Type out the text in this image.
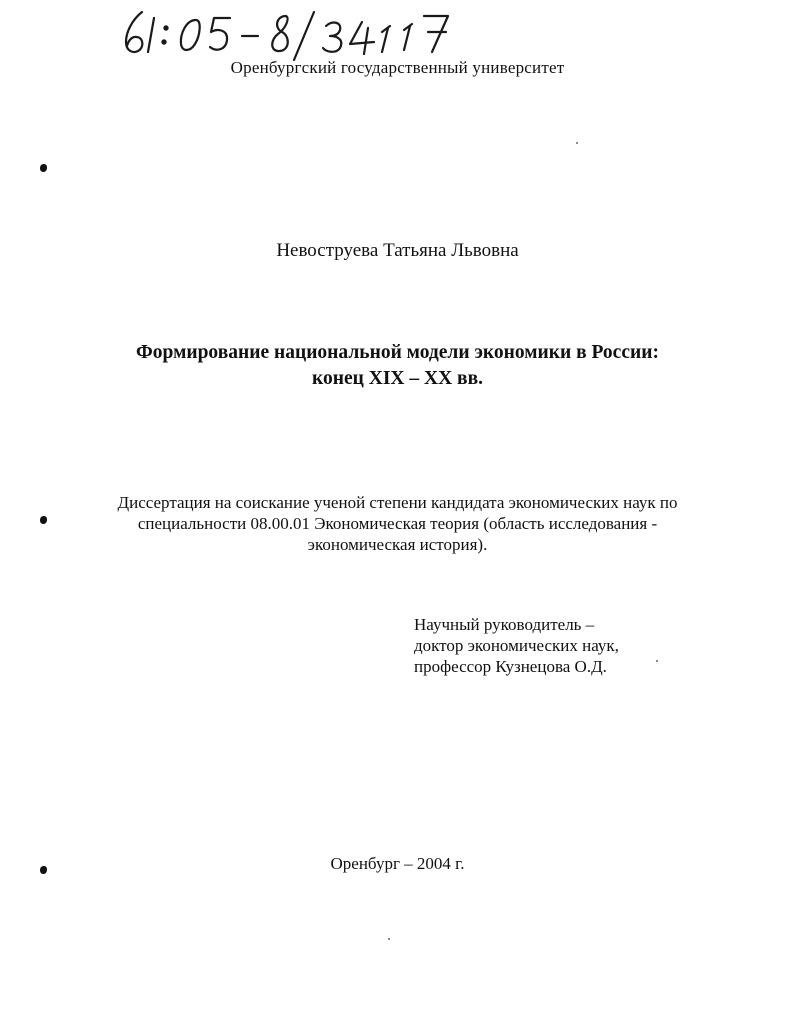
Оренбургский государственный университет
Невоструева Татьяна Львовна
Формирование национальной модели экономики в России:
конец XIX – XX вв.
Диссертация на соискание ученой степени кандидата экономических наук по
специальности 08.00.01 Экономическая теория (область исследования -
экономическая история).
Научный руководитель –
доктор экономических наук,
профессор Кузнецова О.Д.
Оренбург – 2004 г.
